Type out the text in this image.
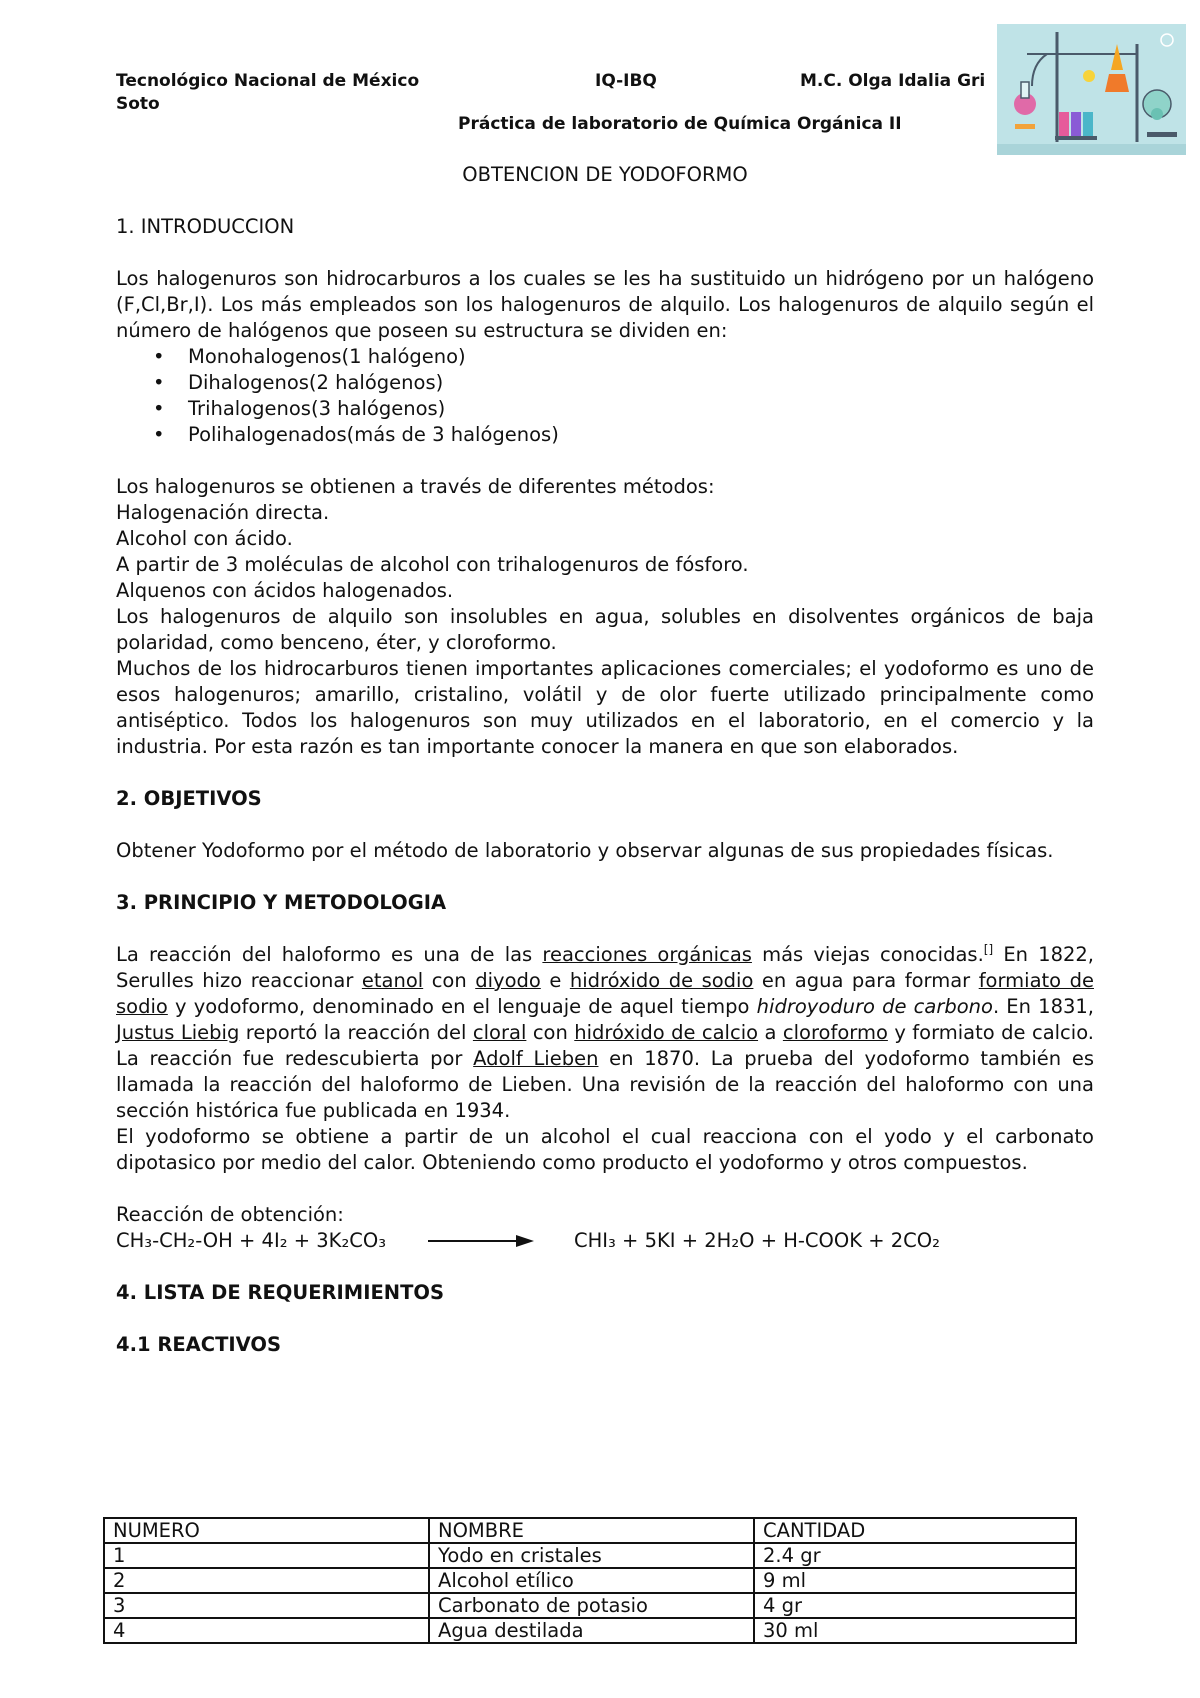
Tecnológico Nacional de México	IQ-IBQ	M.C. Olga Idalia Gri
Soto
Práctica de laboratorio de Química Orgánica II

OBTENCION DE YODOFORMO

1. INTRODUCCION

Los halogenuros son hidrocarburos a los cuales se les ha sustituido un hidrógeno por un halógeno (F,Cl,Br,I). Los más empleados son los halogenuros de alquilo. Los halogenuros de alquilo según el número de halógenos que poseen su estructura se dividen en:

• Monohalogenos(1 halógeno)
• Dihalogenos(2 halógenos)
• Trihalogenos(3 halógenos)
• Polihalogenados(más de 3 halógenos)

Los halogenuros se obtienen a través de diferentes métodos:

Halogenación directa.

Alcohol con ácido.

A partir de 3 moléculas de alcohol con trihalogenuros de fósforo.

Alquenos con ácidos halogenados.

Los halogenuros de alquilo son insolubles en agua, solubles en disolventes orgánicos de baja polaridad, como benceno, éter, y cloroformo.

Muchos de los hidrocarburos tienen importantes aplicaciones comerciales; el yodoformo es uno de esos halogenuros; amarillo, cristalino, volátil y de olor fuerte utilizado principalmente como antiséptico. Todos los halogenuros son muy utilizados en el laboratorio, en el comercio y la industria. Por esta razón es tan importante conocer la manera en que son elaborados.

2. OBJETIVOS

Obtener Yodoformo por el método de laboratorio y observar algunas de sus propiedades físicas.

3. PRINCIPIO Y METODOLOGIA

La reacción del haloformo es una de las reacciones orgánicas más viejas conocidas.[] En 1822, Serulles hizo reaccionar etanol con diyodo e hidróxido de sodio en agua para formar formiato de sodio y yodoformo, denominado en el lenguaje de aquel tiempo hidroyoduro de carbono. En 1831, Justus Liebig reportó la reacción del cloral con hidróxido de calcio a cloroformo y formiato de calcio. La reacción fue redescubierta por Adolf Lieben en 1870. La prueba del yodoformo también es llamada la reacción del haloformo de Lieben. Una revisión de la reacción del haloformo con una sección histórica fue publicada en 1934.

El yodoformo se obtiene a partir de un alcohol el cual reacciona con el yodo y el carbonato dipotasico por medio del calor. Obteniendo como producto el yodoformo y otros compuestos.

Reacción de obtención:

CH₃-CH₂-OH + 4I₂ + 3K₂CO₃	CHI₃ + 5KI + 2H₂O + H-COOK + 2CO₂

4. LISTA DE REQUERIMIENTOS

4.1 REACTIVOS

NUMERO	NOMBRE	CANTIDAD
1	Yodo en cristales	2.4 gr
2	Alcohol etílico	9 ml
3	Carbonato de potasio	4 gr
4	Agua destilada	30 ml
